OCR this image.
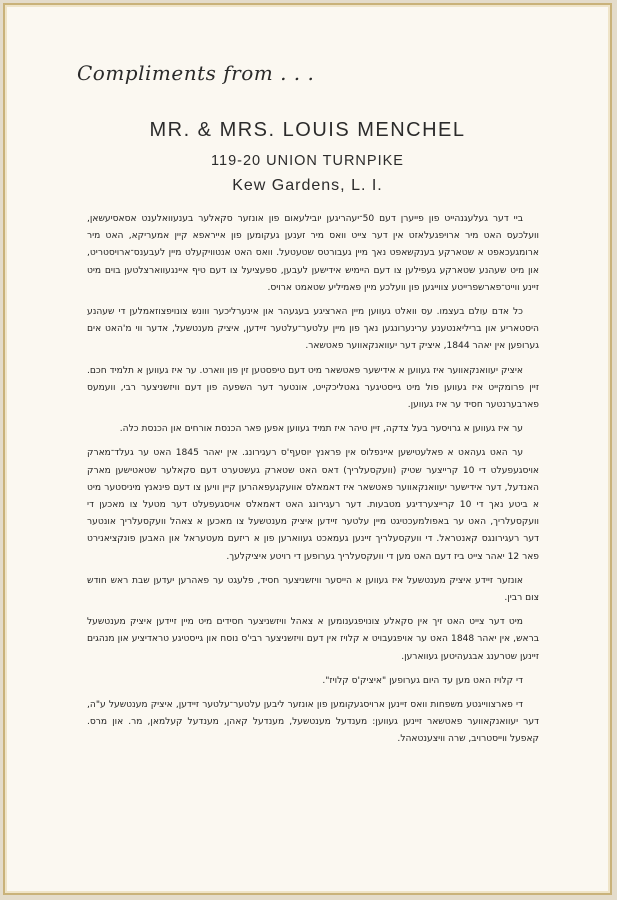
Compliments from . . .
MR. & MRS. LOUIS MENCHEL
119-20 UNION TURNPIKE
Kew Gardens, L. I.

ביי דער געלעגנהייט פון פייערן דעם 50־יעהריגען יובילעאום פון אונזער סקאלער בענעוואלענט אסאסיעשאן, וועלכעס האט מיר ארויפגעלאזט אין דער צייט וואס מיר זענען געקומען פון אייראפא קיין אמעריקא, האט מיר ארומגעכאפט א שטארקע בענקשאפט נאך מיין געבורטס שטעטעל. וואס האט אנטוויקעלט מיין לעבענס־ארויסטריט, און מיט שעהנע שטארקע געפילען צו דעם היימיש אידישען לעבען, ספעציעל צו דעם טיף איינגעווארצלטען בוים מיט זיינע ווייט־פארשפרייטע צווייגען פון וועלכע מיין פאמיליע שטאמט ארויס.

כל אדם עולם בעצמו. עס וואלט געווען מיין הארציגע בעגעהר און אינערליכער ווונש צונויפצוזאמלען די שעהנע היסטאריע און בריליאנטענע ערינערונגען נאך פון מיין עלטער־עלטער זיידען, איציק מענטשעל, אדער ווי מ'האט אים גערופען אין יאהר 1844, איציק דער יעוואנקאווער פאטשאר.

איציק יעוואנקאווער איז געווען א אידישער פאטשאר מיט דעם טיפסטען זין פון ווארט. ער איז געווען א תלמיד חכם. זיין פרומקייט איז געווען פול מיט גייסטיגער גאטליכקייט, אונטער דער השפעה פון דעם וויזשניצער רבי, וועמעס פארבערנטער חסיד ער איז געווען.

ער איז געווען א גרויסער בעל צדקה, זיין טיהר איז תמיד געווען אפען פאר הכנסת אורחים און הכנסת כלה.

ער האט געהאט א פאלעטישען איינפלוס אין פראנץ יוסעף'ס רעגירונג. אין יאהר 1845 האט ער געלד־מארק אויסגעפעלט די 10 קרייצער שטיק (וועקסעלריך) דאס האט שטארק געשטערט דעם סקאלער שטאטישען מארק האנדעל, דער אידישער יעוואנקאווער פאטשאר איז דאמאלס אוועקגעפאהרען קיין וויען צו דעם פינאנץ מיניסטער מיט א ביטע נאך די 10 קרייצערדיגע מטבעות. דער רעגירונג האט דאמאלס אויסגעפעלט דער מטעל צו מאכען די וועקסעלריך, האט ער באפולמעכטיגט מיין עלטער זיידען איציק מענטשעל צו מאכען א צאהל וועקסעלריך אונטער דער רעגירונגס קאנטראל. די וועקסעלריך זיינען געמאכט געווארען פון א ריזעם מעטעראל און האבען פונקציאנירט פאר 12 יאהר צייט ביז דעם האט מען די וועקסעלריך גערופען די רויטע איציקלעך.

אונזער זיידע איציק מענטשעל איז געווען א הייסער וויזשניצער חסיד, פלעגט ער פאהרען יעדען שבת ראש חודש צום רבין.

מיט דער צייט האט זיך אין סקאלע צונויפגענומען א צאהל וויזשניצער חסידים מיט מיין זיידען איציק מענטשעל בראש, אין יאהר 1848 האט ער אויפגעבויט א קלויז אין דעם וויזשניצער רבי'ס נוסח און גייסטיגע טראדיציע און מנהגים זיינען שטרענג אבגעהיטען געווארען.

די קלויז האט מען עד היום גערופען "איציק'ס קלויז".

די פארצווייגטע משפחות וואס זיינען ארויסגעקומען פון אונזער ליבען עלטער־עלטער זיידען, איציק מענטשעל ע"ה, דער יעוואנקאווער פאטשאר זיינען געווען: מענדעל מענטשעל, מענדעל קאהן, מענדעל קעלמאן, מר. און מרס. קאפעל ווייסטרויב, שרה וויצענטאהל.
